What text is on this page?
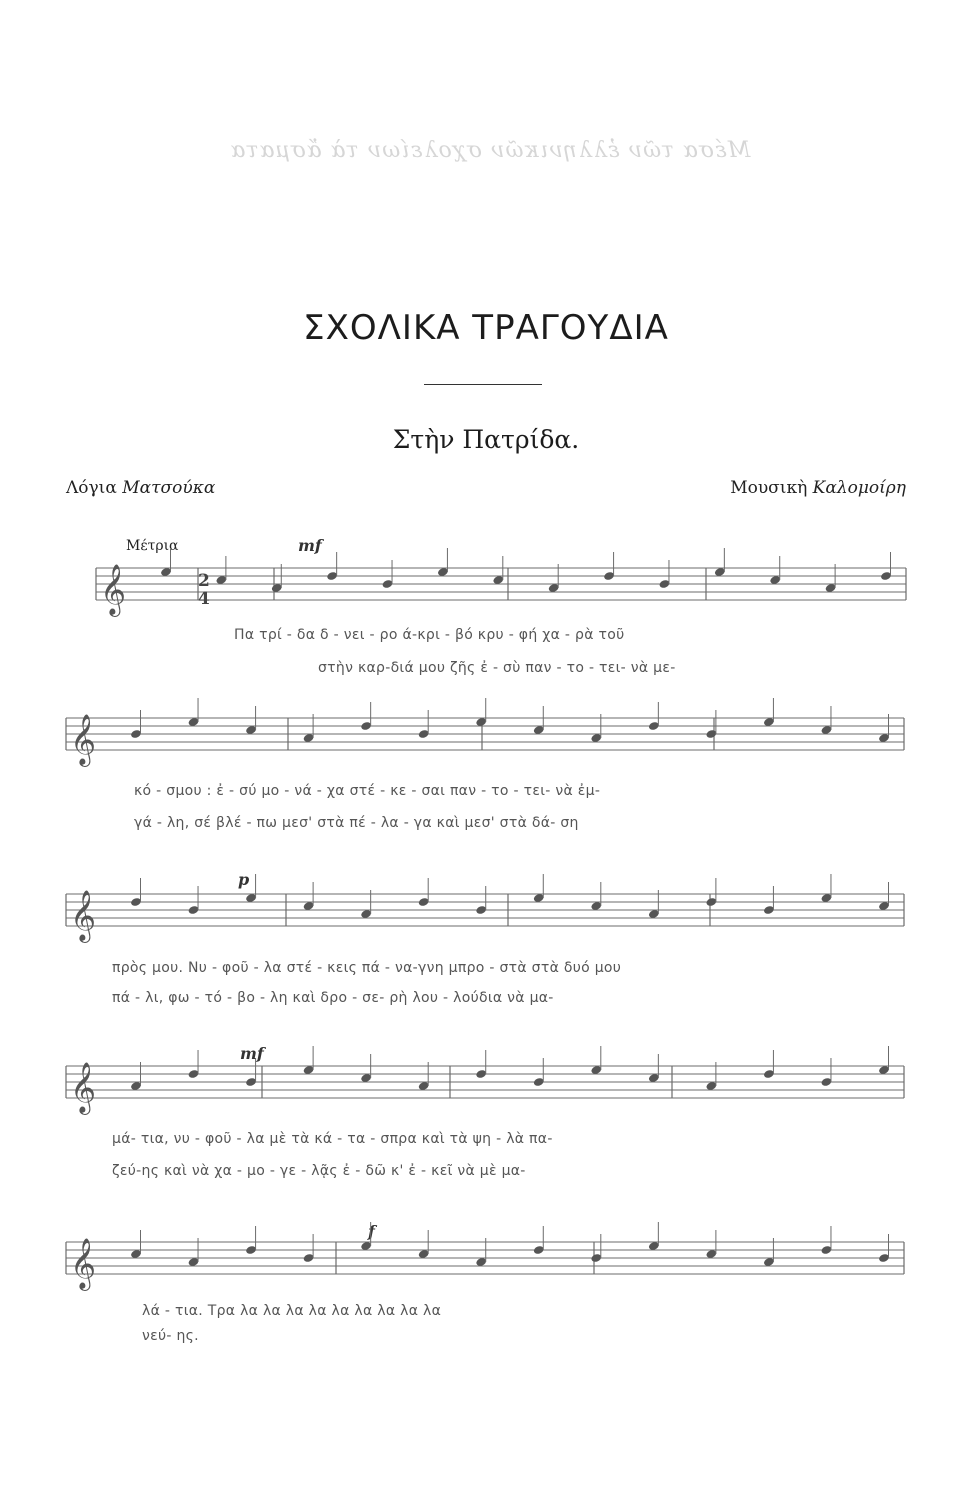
Μέσα τῶν ἐλληνικῶν σχολείων τὰ ἄσματα
ΣΧΟΛΙΚΑ ΤΡΑΓΟΥΔΙΑ
Στὴν Πατρίδα.
Λόγια Ματσούκα	Μουσικὴ Καλομοίρη
Μέτρια	mf
p
mf
f
𝄞
𝄞
𝄞
𝄞
𝄞
2
4
Πα τρί - δα δ - νει - ρο ά-κρι - βό κρυ - φή χα - ρὰ τοῦ
στὴν καρ-διά μου ζῆς ἐ - σὺ παν - το - τει- νὰ με-
κό - σμου : ἐ - σύ μο - νά - χα στέ - κε - σαι παν - το - τει- νὰ ἐμ-
γά - λη, σέ βλέ - πω μεσ' στὰ πέ - λα - γα καὶ μεσ' στὰ δά- ση
πρὸς μου. Νυ - φοῦ - λα στέ - κεις πά - να-γνη μπρο - στὰ στὰ δυό μου
πά - λι, φω - τό - βο - λη καὶ δρο - σε- ρὴ λου - λούδια νὰ μα-
μά- τια, νυ - φοῦ - λα μὲ τὰ κά - τα - σπρα καὶ τὰ ψη - λὰ πα-
ζεύ-ης καὶ νὰ χα - μο - γε - λᾷς ἐ - δῶ κ' ἐ - κεῖ νὰ μὲ μα-
λά - τια. Τρα λα λα λα λα λα λα λα λα λα
νεύ- ης.
